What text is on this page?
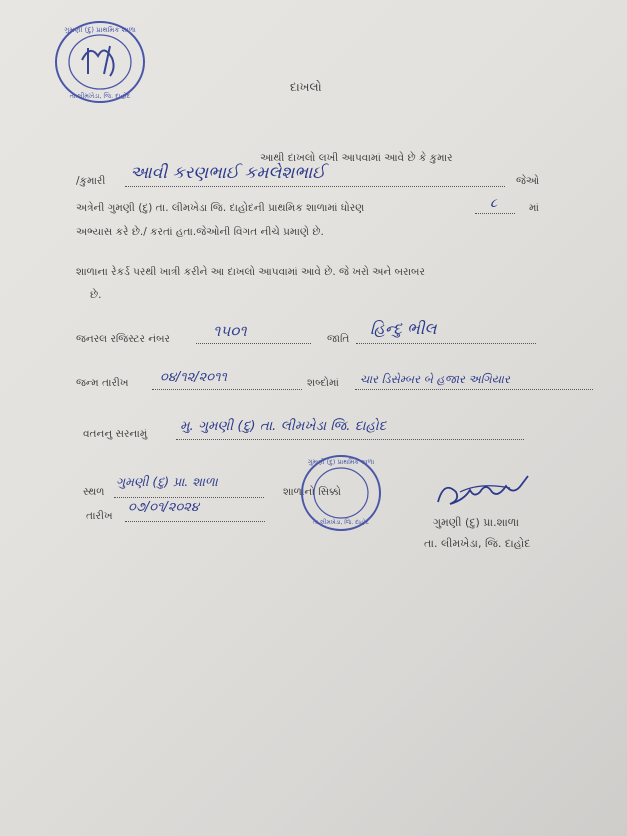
ગુમણી (દુ) પ્રાથમિક શાળા
તા.લીમખેડા, જિ. દાહોદ
દાખલો
આથી દાખલો લખી આપવામાં આવે છે કે કુમાર
/કુમારી આવી કરણભાઈ કમલેશભાઈ	જેઓ
અત્રેની ગુમણી (દુ) તા. લીમખેડા જિ. દાહોદની પ્રાથમિક શાળામાં ધોરણ	૮	માં
અભ્યાસ કરે છે./ કરતાં હતા.જેઓની વિગત નીચે પ્રમાણે છે.
શાળાના રેકર્ડ પરથી ખાત્રી કરીને આ દાખલો આપવામાં આવે છે. જે ખરો અને બરાબર
છે.
જનરલ રજિસ્ટર નંબર	૧૫૦૧	જાતિ
હિન્દુ ભીલ
જન્મ તારીખ ૦૪/૧૨/૨૦૧૧	શબ્દોમાં ચાર ડિસેમ્બર બે હજાર અગિયાર
વતનનુ સરનામું મુ. ગુમણી (દુ) તા. લીમખેડા જિ. દાહોદ
સ્થળ
ગુમણી (દુ) પ્રા. શાળા
તારીખ
૦૭/૦૧/૨૦૨૪
શાળાનો સિક્કો
ગુમણી (દુ) પ્રાથમિક શાળા
તા.લીમખેડા, જિ. દાહોદ	ગુમણી (દુ) પ્રા.શાળા
તા. લીમખેડા, જિ. દાહોદ
